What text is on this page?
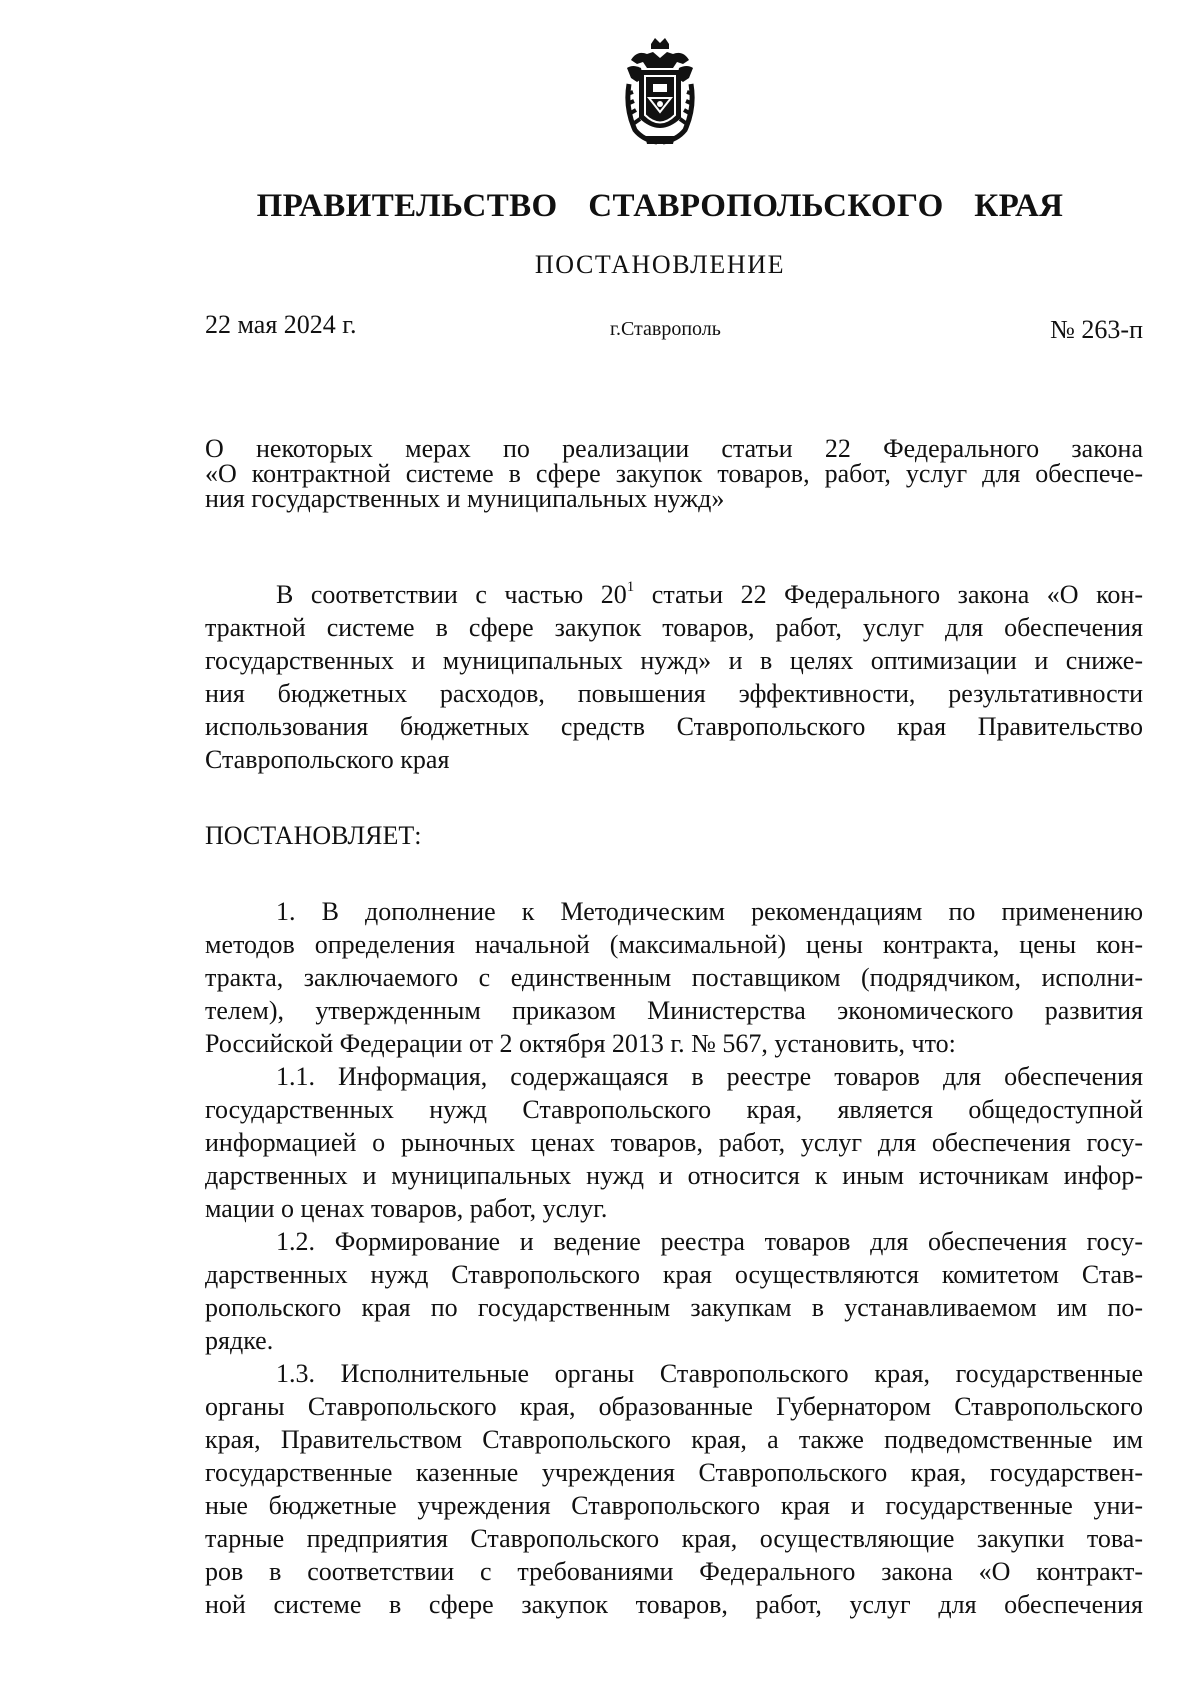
ПРАВИТЕЛЬСТВО СТАВРОПОЛЬСКОГО КРАЯ
ПОСТАНОВЛЕНИЕ
22 мая 2024 г.	г.Ставрополь	№ 263-п
О некоторых мерах по реализации статьи 22 Федерального закона
«О контрактной системе в сфере закупок товаров, работ, услуг для обеспече-
ния государственных и муниципальных нужд»
В соответствии с частью $20^1$ статьи 22 Федерального закона «О кон-
трактной системе в сфере закупок товаров, работ, услуг для обеспечения
государственных и муниципальных нужд» и в целях оптимизации и сниже-
ния бюджетных расходов, повышения эффективности, результативности
использования бюджетных средств Ставропольского края Правительство
Ставропольского края
ПОСТАНОВЛЯЕТ:
1. В дополнение к Методическим рекомендациям по применению
методов определения начальной (максимальной) цены контракта, цены кон-
тракта, заключаемого с единственным поставщиком (подрядчиком, исполни-
телем), утвержденным приказом Министерства экономического развития
Российской Федерации от 2 октября 2013 г. № 567, установить, что:
1.1. Информация, содержащаяся в реестре товаров для обеспечения
государственных нужд Ставропольского края, является общедоступной
информацией о рыночных ценах товаров, работ, услуг для обеспечения госу-
дарственных и муниципальных нужд и относится к иным источникам инфор-
мации о ценах товаров, работ, услуг.
1.2. Формирование и ведение реестра товаров для обеспечения госу-
дарственных нужд Ставропольского края осуществляются комитетом Став-
ропольского края по государственным закупкам в устанавливаемом им по-
рядке.
1.3. Исполнительные органы Ставропольского края, государственные
органы Ставропольского края, образованные Губернатором Ставропольского
края, Правительством Ставропольского края, а также подведомственные им
государственные казенные учреждения Ставропольского края, государствен-
ные бюджетные учреждения Ставропольского края и государственные уни-
тарные предприятия Ставропольского края, осуществляющие закупки това-
ров в соответствии с требованиями Федерального закона «О контракт-
ной системе в сфере закупок товаров, работ, услуг для обеспечения
